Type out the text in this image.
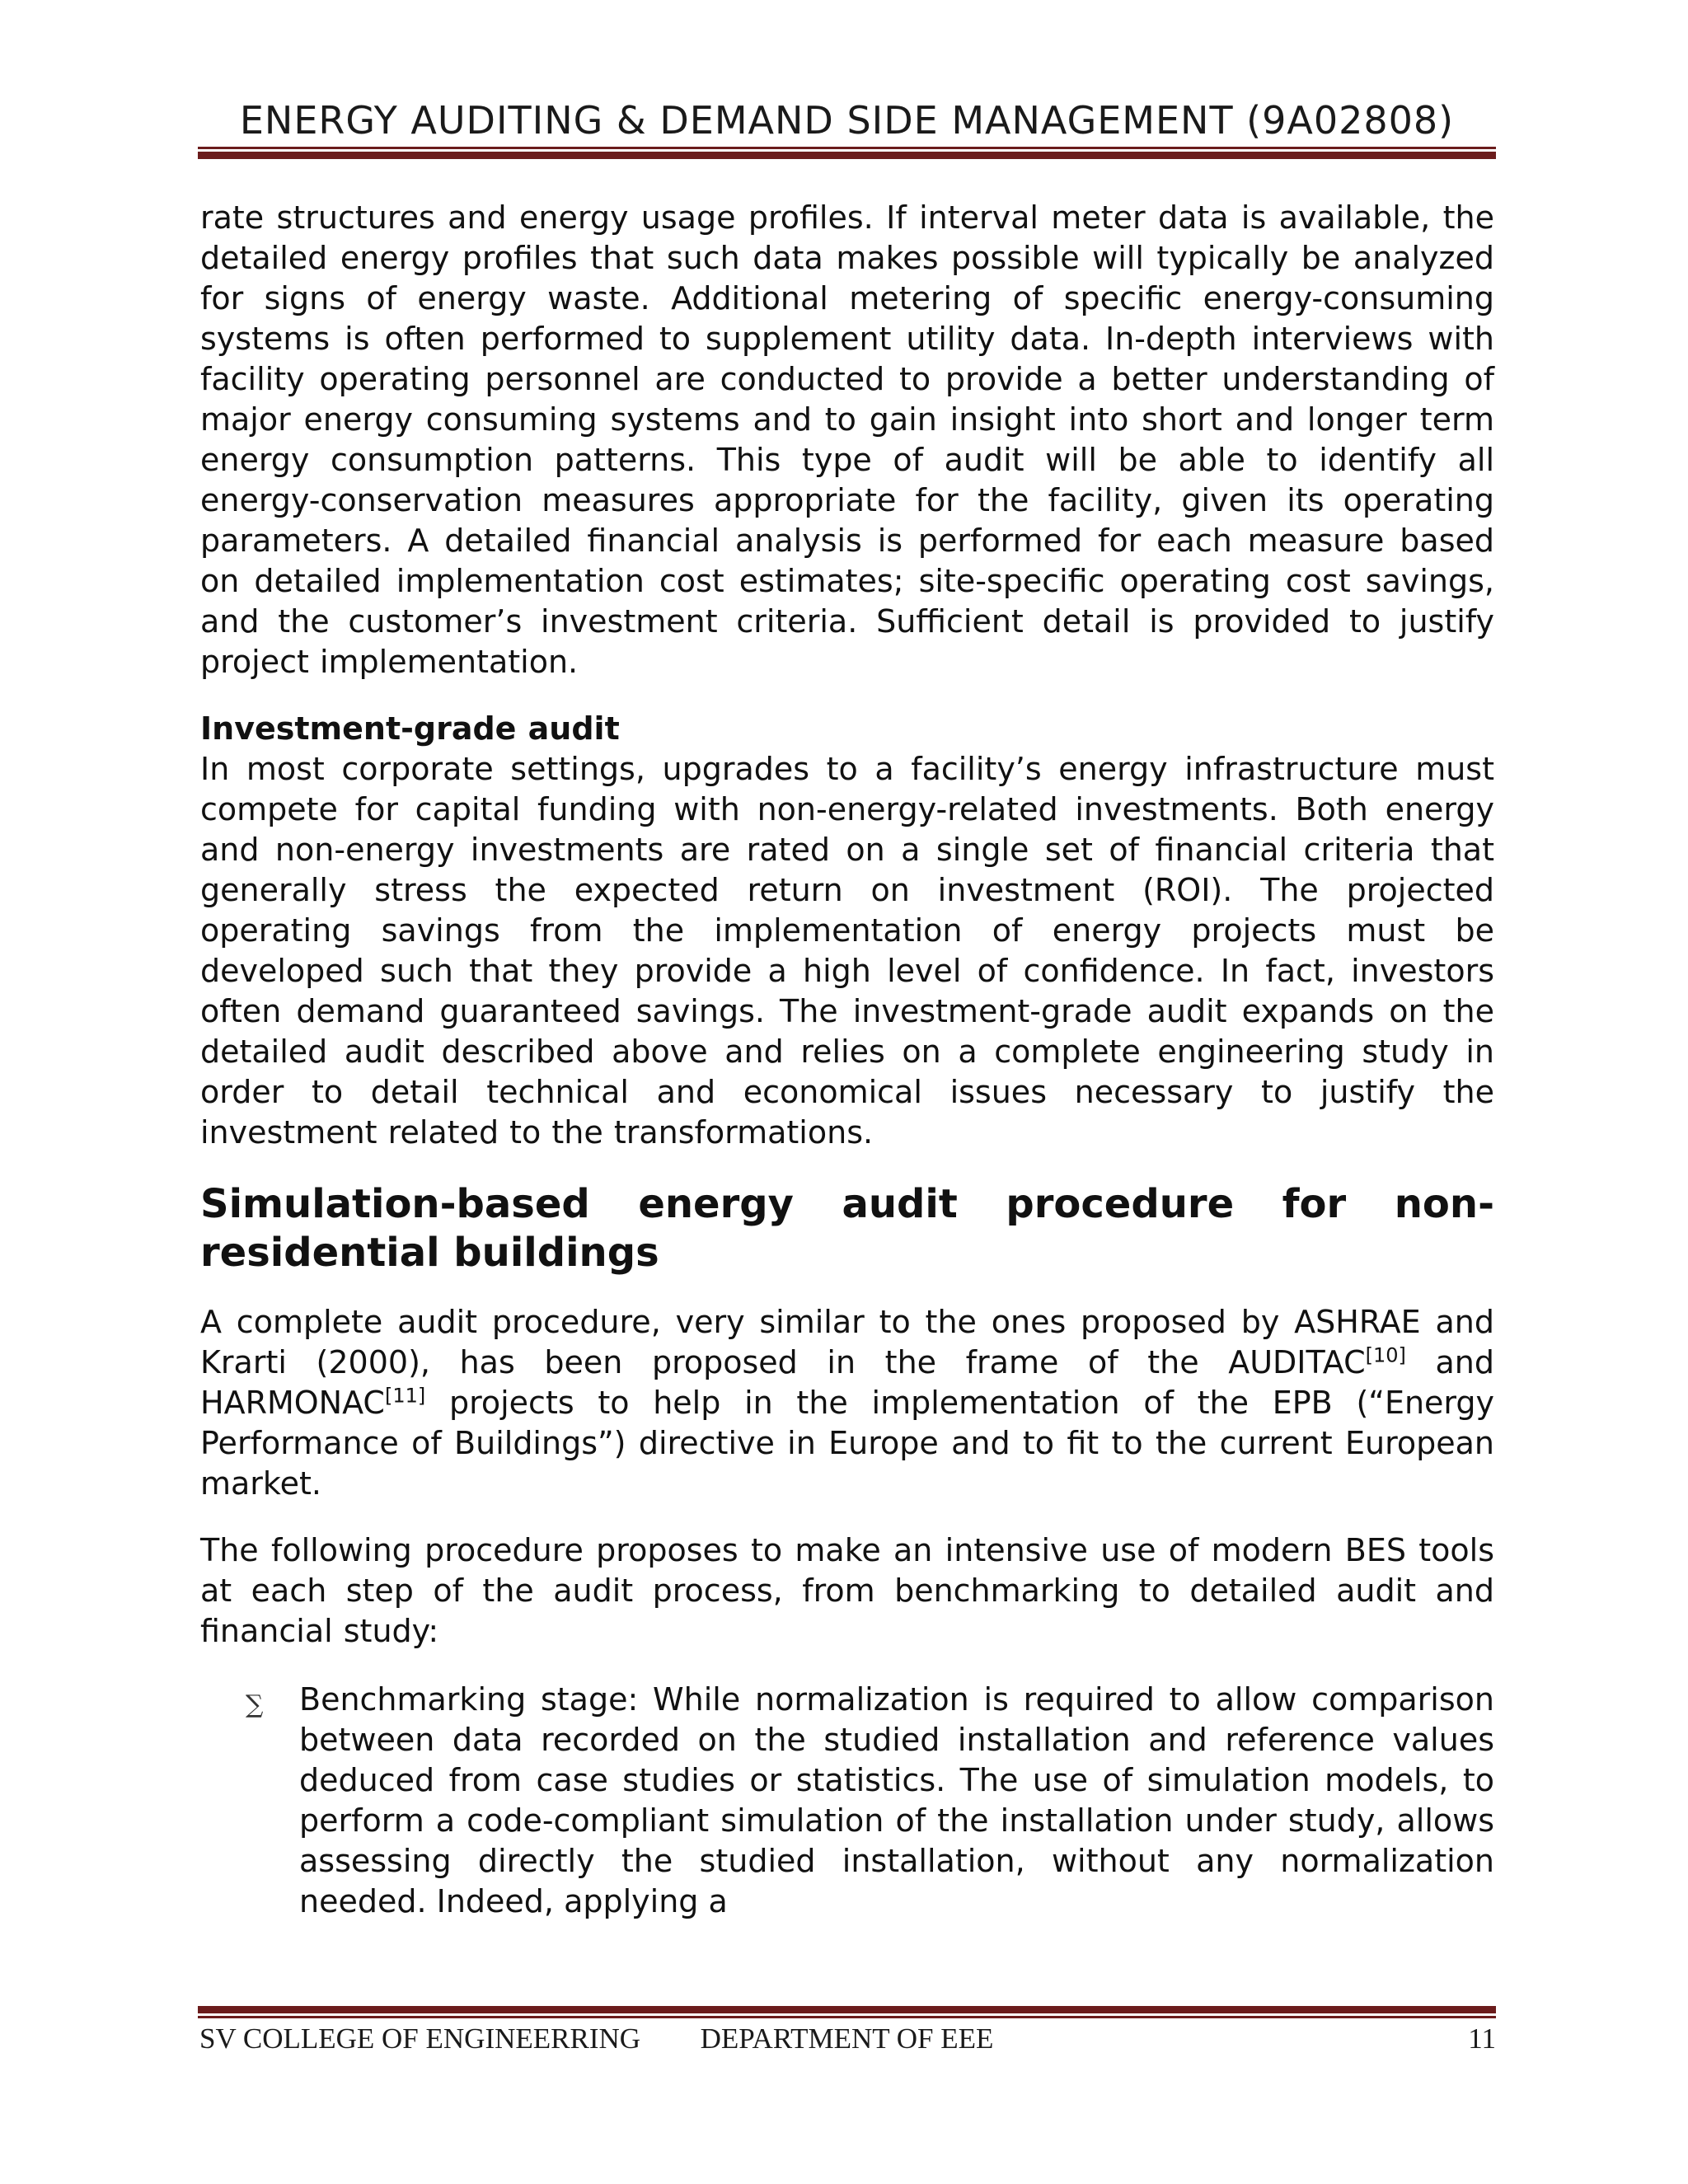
ENERGY AUDITING & DEMAND SIDE MANAGEMENT (9A02808)

rate structures and energy usage profiles. If interval meter data is available, the detailed energy profiles that such data makes possible will typically be analyzed for signs of energy waste. Additional metering of specific energy-consuming systems is often performed to supplement utility data. In-depth interviews with facility operating personnel are conducted to provide a better understanding of major energy consuming systems and to gain insight into short and longer term energy consumption patterns. This type of audit will be able to identify all energy-conservation measures appropriate for the facility, given its operating parameters. A detailed financial analysis is performed for each measure based on detailed implementation cost estimates; site-specific operating cost savings, and the customer’s investment criteria. Sufficient detail is provided to justify project implementation.

Investment-grade audit

In most corporate settings, upgrades to a facility’s energy infrastructure must compete for capital funding with non-energy-related investments. Both energy and non-energy investments are rated on a single set of financial criteria that generally stress the expected return on investment (ROI). The projected operating savings from the implementation of energy projects must be developed such that they provide a high level of confidence. In fact, investors often demand guaranteed savings. The investment-grade audit expands on the detailed audit described above and relies on a complete engineering study in order to detail technical and economical issues necessary to justify the investment related to the transformations.

Simulation-based energy audit procedure for non-residential buildings

A complete audit procedure, very similar to the ones proposed by ASHRAE and Krarti (2000), has been proposed in the frame of the AUDITAC[10] and HARMONAC[11] projects to help in the implementation of the EPB (“Energy Performance of Buildings”) directive in Europe and to fit to the current European market.

The following procedure proposes to make an intensive use of modern BES tools at each step of the audit process, from benchmarking to detailed audit and financial study:

∑ Benchmarking stage: While normalization is required to allow comparison between data recorded on the studied installation and reference values deduced from case studies or statistics. The use of simulation models, to perform a code-compliant simulation of the installation under study, allows assessing directly the studied installation, without any normalization needed. Indeed, applying a
DEPARTMENT OF EEE
SV COLLEGE OF ENGINEERRING	11
